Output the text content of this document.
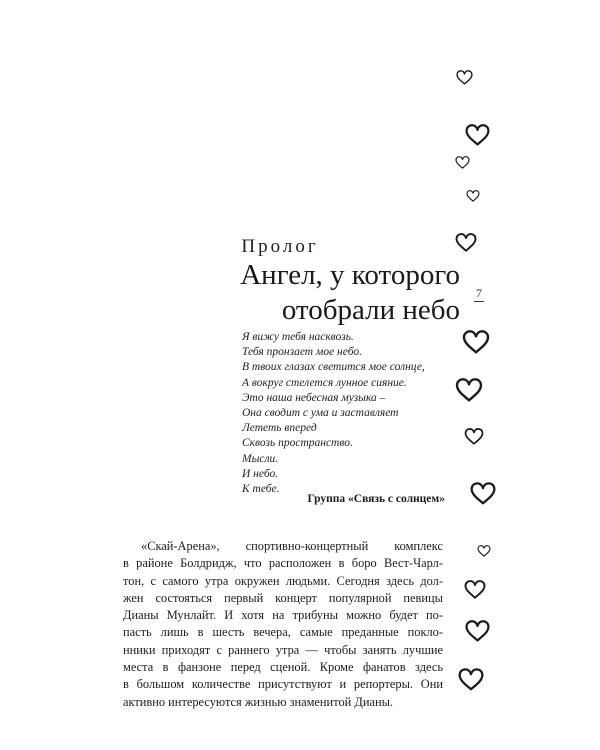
Пролог
Ангел, у которого
отобрали небо
Я вижу тебя насквозь.
Тебя пронзает мое небо.
В твоих глазах светится мое солнце,
А вокруг стелется лунное сияние.
Это наша небесная музыка –
Она сводит с ума и заставляет
Лететь вперед
Сквозь пространство.
Мысли.
И небо.
К тебе.
Группа «Связь с солнцем»
«Скай-Арена», спортивно-концертный комплекс
в районе Болдридж, что расположен в боро Вест-Чарл-
тон, с самого утра окружен людьми. Сегодня здесь дол-
жен состояться первый концерт популярной певицы
Дианы Мунлайт. И хотя на трибуны можно будет по-
пасть лишь в шесть вечера, самые преданные покло-
нники приходят с раннего утра — чтобы занять лучшие
места в фанзоне перед сценой. Кроме фанатов здесь
в большом количестве присутствуют и репортеры. Они
активно интересуются жизнью знаменитой Дианы.
7
